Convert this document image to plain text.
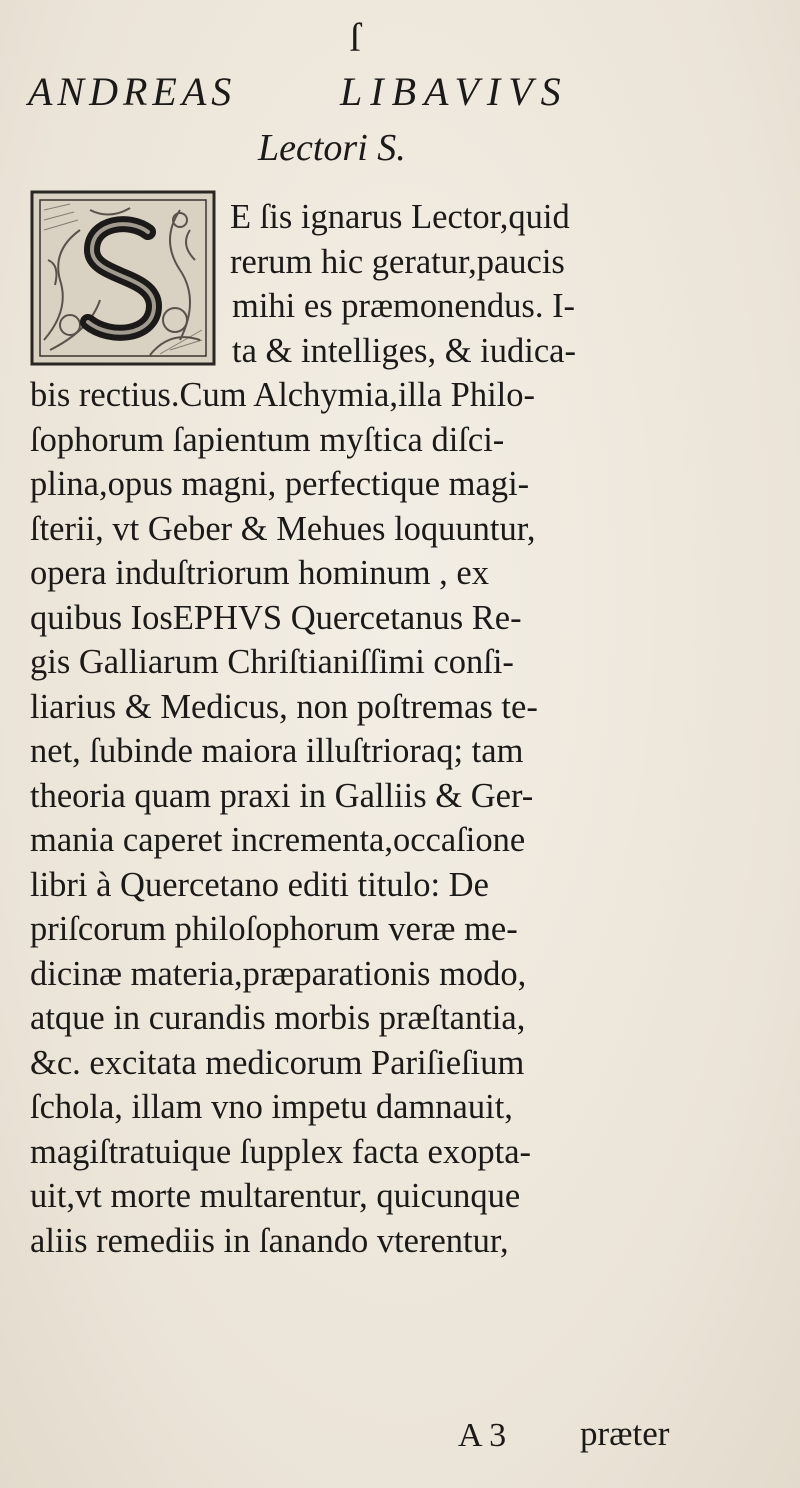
ſ
ANDREAS	LIBAVIVS
Lectori S.
E ſis ignarus Lector,quid
rerum hic geratur,paucis
mihi es præmonendus. I-
ta & intelliges, & iudica-
bis rectius.Cum Alchymia,illa Philo-
ſophorum ſapientum myſtica diſci-
plina,opus magni, perfectique magi-
ſterii, vt Geber & Mehues loquuntur,
opera induſtriorum hominum , ex
quibus IosEPHVS Quercetanus Re-
gis Galliarum Chriſtianiſſimi conſi-
liarius & Medicus, non poſtremas te-
net, ſubinde maiora illuſtrioraq; tam
theoria quam praxi in Galliis & Ger-
mania caperet incrementa,occaſione
libri à Quercetano editi titulo: De
priſcorum philoſophorum veræ me-
dicinæ materia,præparationis modo,
atque in curandis morbis præſtantia,
&c. excitata medicorum Pariſieſium
ſchola, illam vno impetu damnauit,
magiſtratuique ſupplex facta exopta-
uit,vt morte multarentur, quicunque
aliis remediis in ſanando vterentur,
A 3 præter
